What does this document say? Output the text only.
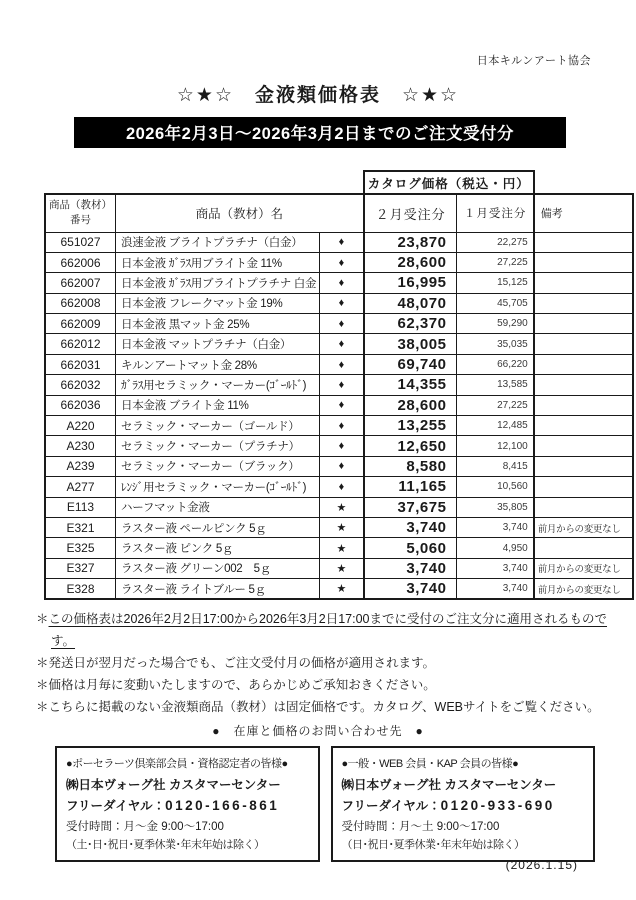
日本キルンアート協会
☆★☆　金液類価格表　☆★☆
2026年2月3日～2026年3月2日までのご注文受付分
			カタログ価格（税込・円）		
商品（教材）
番号	商品（教材）名		２月受注分	１月受注分	備考
651027	浪速金液 ブライトプラチナ（白金）	♦	23,870	22,275	
662006	日本金液 ｶﾞﾗｽ用ブライト金 11%	♦	28,600	27,225	
662007	日本金液 ｶﾞﾗｽ用ブライトプラチナ 白金	♦	16,995	15,125	
662008	日本金液 フレークマット金 19%	♦	48,070	45,705	
662009	日本金液 黒マット金 25%	♦	62,370	59,290	
662012	日本金液 マットプラチナ（白金）	♦	38,005	35,035	
662031	キルンアートマット金 28%	♦	69,740	66,220	
662032	ｶﾞﾗｽ用セラミック・マーカー(ｺﾞｰﾙﾄﾞ)	♦	14,355	13,585	
662036	日本金液 ブライト金 11%	♦	28,600	27,225	
A220	セラミック・マーカー（ゴールド）	♦	13,255	12,485	
A230	セラミック・マーカー（プラチナ）	♦	12,650	12,100	
A239	セラミック・マーカー（ブラック）	♦	8,580	8,415	
A277	ﾚﾝｼﾞ用セラミック・マーカー(ｺﾞｰﾙﾄﾞ)	♦	11,165	10,560	
E113	ハーフマット金液	★	37,675	35,805	
E321	ラスター液 ペールピンク 5ｇ	★	3,740	3,740	前月からの変更なし
E325	ラスター液 ピンク 5ｇ	★	5,060	4,950	
E327	ラスター液 グリーン002　5ｇ	★	3,740	3,740	前月からの変更なし
E328	ラスター液 ライトブルー 5ｇ	★	3,740	3,740	前月からの変更なし
＊この価格表は2026年2月2日17:00から2026年3月2日17:00までに受付のご注文分に適用されるものです。
＊発送日が翌月だった場合でも、ご注文受付月の価格が適用されます。
＊価格は月毎に変動いたしますので、あらかじめご承知おきください。
＊こちらに掲載のない金液類商品（教材）は固定価格です。カタログ、WEBサイトをご覧ください。
●　在庫と価格のお問い合わせ先　●
●ポーセラーツ倶楽部会員・資格認定者の皆様●
㈱日本ヴォーグ社 カスタマーセンター
フリーダイヤル：0120-166-861
受付時間：月～金 9:00～17:00
（土･日･祝日･夏季休業･年末年始は除く）
●一般・WEB 会員・KAP 会員の皆様●
㈱日本ヴォーグ社 カスタマーセンター
フリーダイヤル：0120-933-690
受付時間：月～土 9:00～17:00
（日･祝日･夏季休業･年末年始は除く）
(2026.1.15)
